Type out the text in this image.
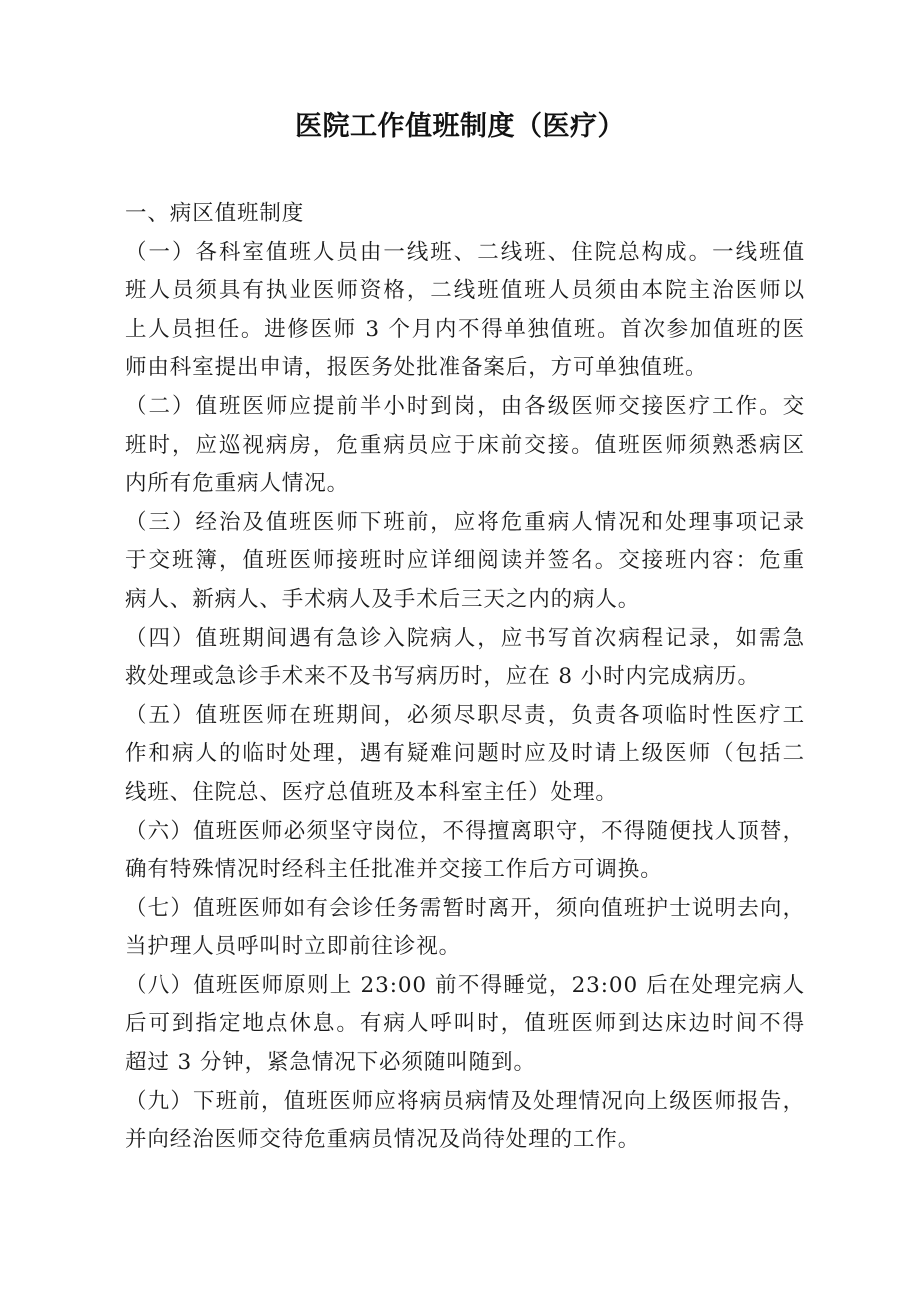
医院工作值班制度（医疗）
一、病区值班制度
（一）各科室值班人员由一线班、二线班、住院总构成。一线班值
班人员须具有执业医师资格，二线班值班人员须由本院主治医师以
上人员担任。进修医师 3 个月内不得单独值班。首次参加值班的医
师由科室提出申请，报医务处批准备案后，方可单独值班。
（二）值班医师应提前半小时到岗，由各级医师交接医疗工作。交
班时，应巡视病房，危重病员应于床前交接。值班医师须熟悉病区
内所有危重病人情况。
（三）经治及值班医师下班前，应将危重病人情况和处理事项记录
于交班簿，值班医师接班时应详细阅读并签名。交接班内容：危重
病人、新病人、手术病人及手术后三天之内的病人。
（四）值班期间遇有急诊入院病人，应书写首次病程记录，如需急
救处理或急诊手术来不及书写病历时，应在 8 小时内完成病历。
（五）值班医师在班期间，必须尽职尽责，负责各项临时性医疗工
作和病人的临时处理，遇有疑难问题时应及时请上级医师（包括二
线班、住院总、医疗总值班及本科室主任）处理。
（六）值班医师必须坚守岗位，不得擅离职守，不得随便找人顶替，
确有特殊情况时经科主任批准并交接工作后方可调换。
（七）值班医师如有会诊任务需暂时离开，须向值班护士说明去向，
当护理人员呼叫时立即前往诊视。
（八）值班医师原则上 23:00 前不得睡觉，23:00 后在处理完病人
后可到指定地点休息。有病人呼叫时，值班医师到达床边时间不得
超过 3 分钟，紧急情况下必须随叫随到。
（九）下班前，值班医师应将病员病情及处理情况向上级医师报告，
并向经治医师交待危重病员情况及尚待处理的工作。
